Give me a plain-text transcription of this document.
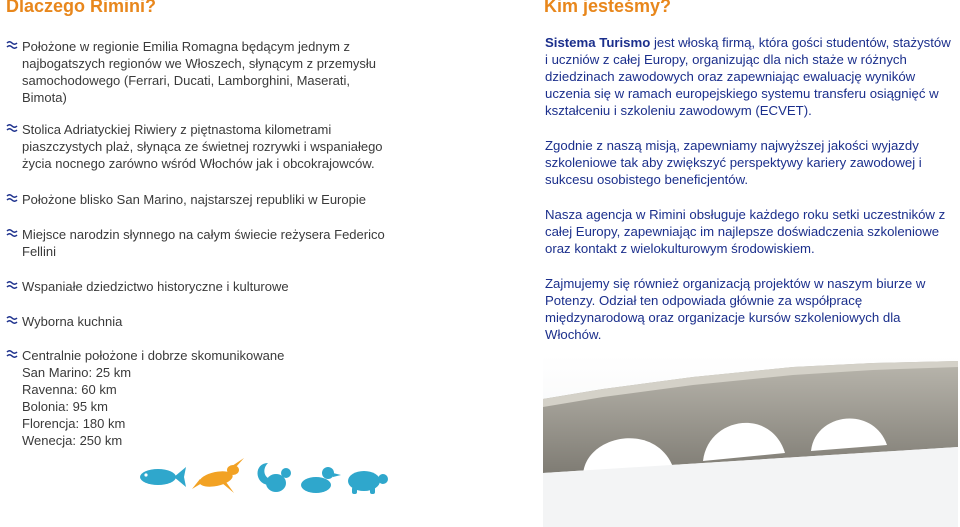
Dlaczego Rimini?
Położone w regionie Emilia Romagna będącym jednym z najbogatszych regionów we Włoszech, słynącym z przemysłu samochodowego (Ferrari, Ducati, Lamborghini, Maserati, Bimota)
Stolica Adriatyckiej Riwiery z piętnastoma kilometrami piaszczystych plaż, słynąca ze świetnej rozrywki i wspaniałego życia nocnego zarówno wśród Włochów jak i obcokrajowców.
Położone blisko San Marino, najstarszej republiki w Europie
Miejsce narodzin słynnego na całym świecie reżysera Federico Fellini
Wspaniałe dziedzictwo historyczne i kulturowe
Wyborna kuchnia
Centralnie położone i dobrze skomunikowane
San Marino: 25 km
Ravenna: 60 km
Bolonia: 95 km
Florencja: 180 km
Wenecja: 250 km
Kim jesteśmy?

Sistema Turismo jest włoską firmą, która gości studentów, stażystów i uczniów z całej Europy, organizując dla nich staże w różnych dziedzinach zawodowych oraz zapewniając ewaluację wyników uczenia się w ramach europejskiego systemu transferu osiągnięć w kształceniu i szkoleniu zawodowym (ECVET).

Zgodnie z naszą misją, zapewniamy najwyższej jakości wyjazdy szkoleniowe tak aby zwiększyć perspektywy kariery zawodowej i sukcesu osobistego beneficjentów.

Nasza agencja w Rimini obsługuje każdego roku setki uczestników z całej Europy, zapewniając im najlepsze doświadczenia szkoleniowe oraz kontakt z wielokulturowym środowiskiem.

Zajmujemy się również organizacją projektów w naszym biurze w Potenzy. Odział ten odpowiada głównie za współpracę międzynarodową oraz organizacje kursów szkoleniowych dla Włochów.
